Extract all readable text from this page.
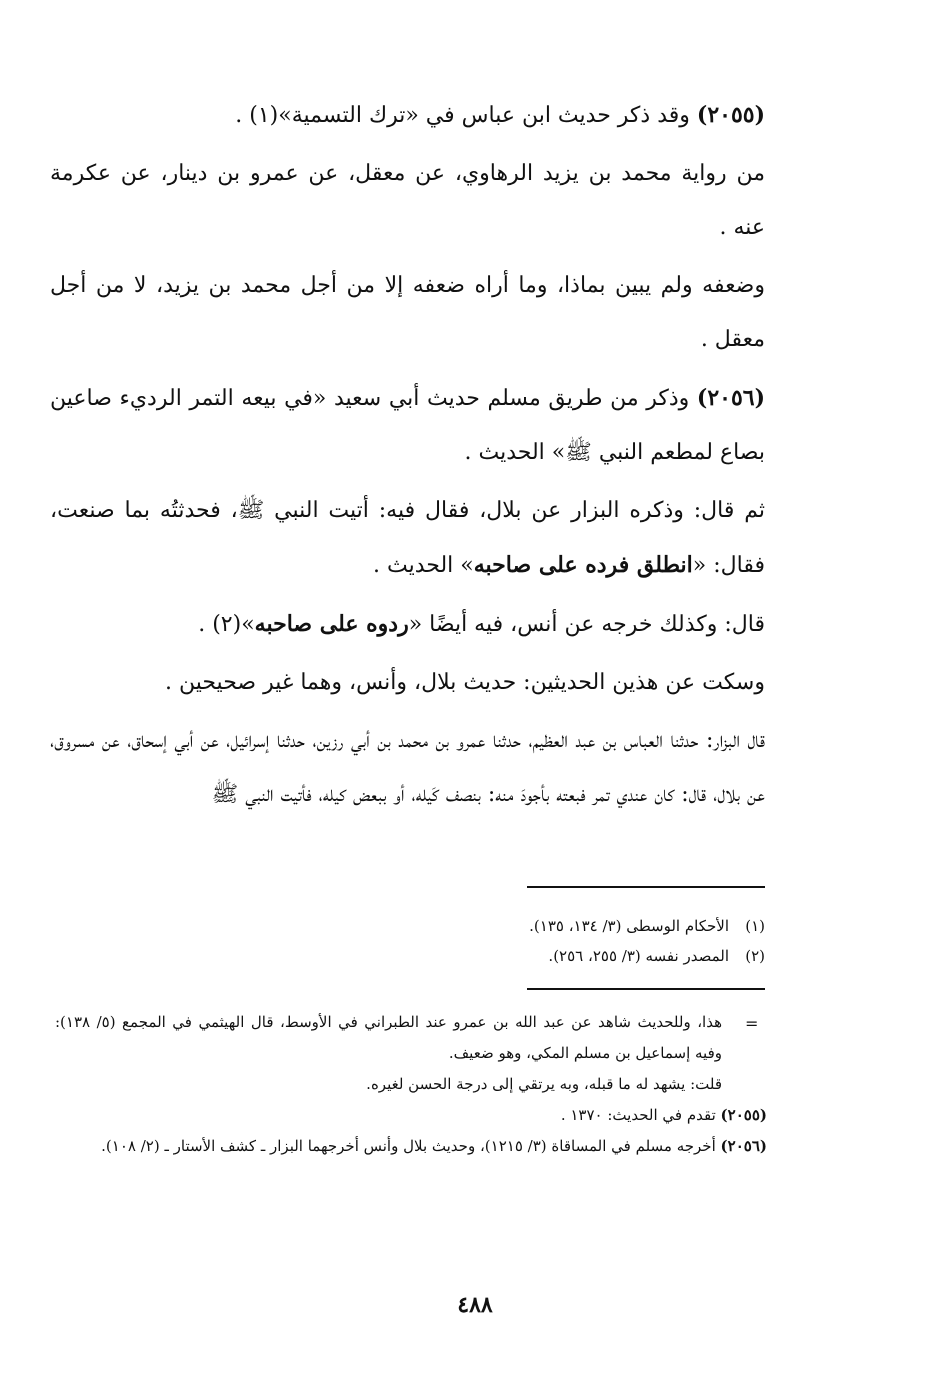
(٢٠٥٥) وقد ذكر حديث ابن عباس في «ترك التسمية»(١) .

من رواية محمد بن يزيد الرهاوي، عن معقل، عن عمرو بن دينار، عن عكرمة عنه .

وضعفه ولم يبين بماذا، وما أراه ضعفه إلا من أجل محمد بن يزيد، لا من أجل معقل .

(٢٠٥٦) وذكر من طريق مسلم حديث أبي سعيد «في بيعه التمر الرديء صاعين بصاع لمطعم النبي ﷺ» الحديث .

ثم قال: وذكره البزار عن بلال، فقال فيه: أتيت النبي ﷺ، فحدثتُه بما صنعت، فقال: «انطلق فرده على صاحبه» الحديث .

قال: وكذلك خرجه عن أنس، فيه أيضًا «ردوه على صاحبه»(٢) .

وسكت عن هذين الحديثين: حديث بلال، وأنس، وهما غير صحيحين .

قال البزار: حدثنا العباس بن عبد العظيم، حدثنا عمرو بن محمد بن أبي رزين، حدثنا إسرائيل، عن أبي إسحاق، عن مسروق، عن بلال، قال: كان عندي تمر فبعته بأجودَ منه: بنصف كَيله، أو ببعض كيله، فأتيت النبي ﷺ

(١)الأحكام الوسطى (٣/ ١٣٤، ١٣٥).
(٢)المصدر نفسه (٣/ ٢٥٥، ٢٥٦).
=
هذا، وللحديث شاهد عن عبد الله بن عمرو عند الطبراني في الأوسط، قال الهيثمي في المجمع (٥/ ١٣٨): وفيه إسماعيل بن مسلم المكي، وهو ضعيف.
قلت: يشهد له ما قبله، وبه يرتقي إلى درجة الحسن لغيره.
(٢٠٥٥) تقدم في الحديث: ١٣٧٠ .
(٢٠٥٦) أخرجه مسلم في المساقاة (٣/ ١٢١٥)، وحديث بلال وأنس أخرجهما البزار ـ كشف الأستار ـ (٢/ ١٠٨).
٤٨٨
